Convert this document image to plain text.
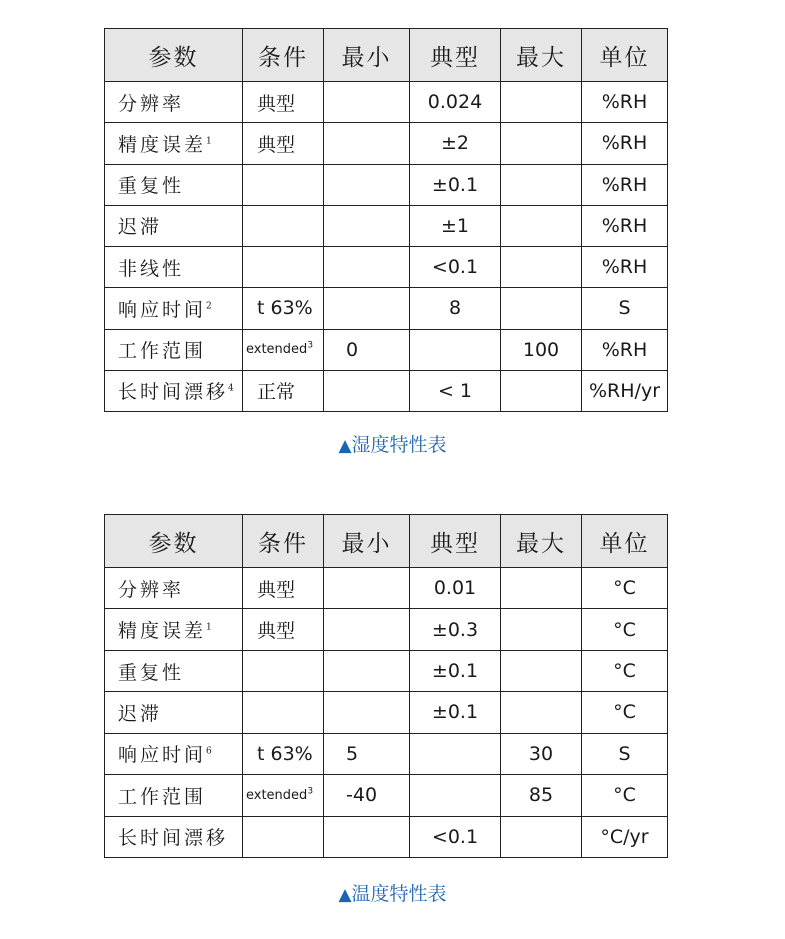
参数	条件	最小	典型	最大	单位
分辨率	典型		0.024		%RH
精度误差$^1$	典型		±2		%RH
重复性			±0.1		%RH
迟滞			±1		%RH
非线性			<0.1		%RH
响应时间$^2$	t 63%		8		S
工作范围	extended$^3$	0		100	%RH
长时间漂移$^4$	正常		< 1		%RH/yr
▲湿度特性表
参数	条件	最小	典型	最大	单位
分辨率	典型		0.01		°C
精度误差$^1$	典型		±0.3		°C
重复性			±0.1		°C
迟滞			±0.1		°C
响应时间$^6$	t 63%	5		30	S
工作范围	extended$^3$	-40		85	°C
长时间漂移			<0.1		°C/yr
▲温度特性表
